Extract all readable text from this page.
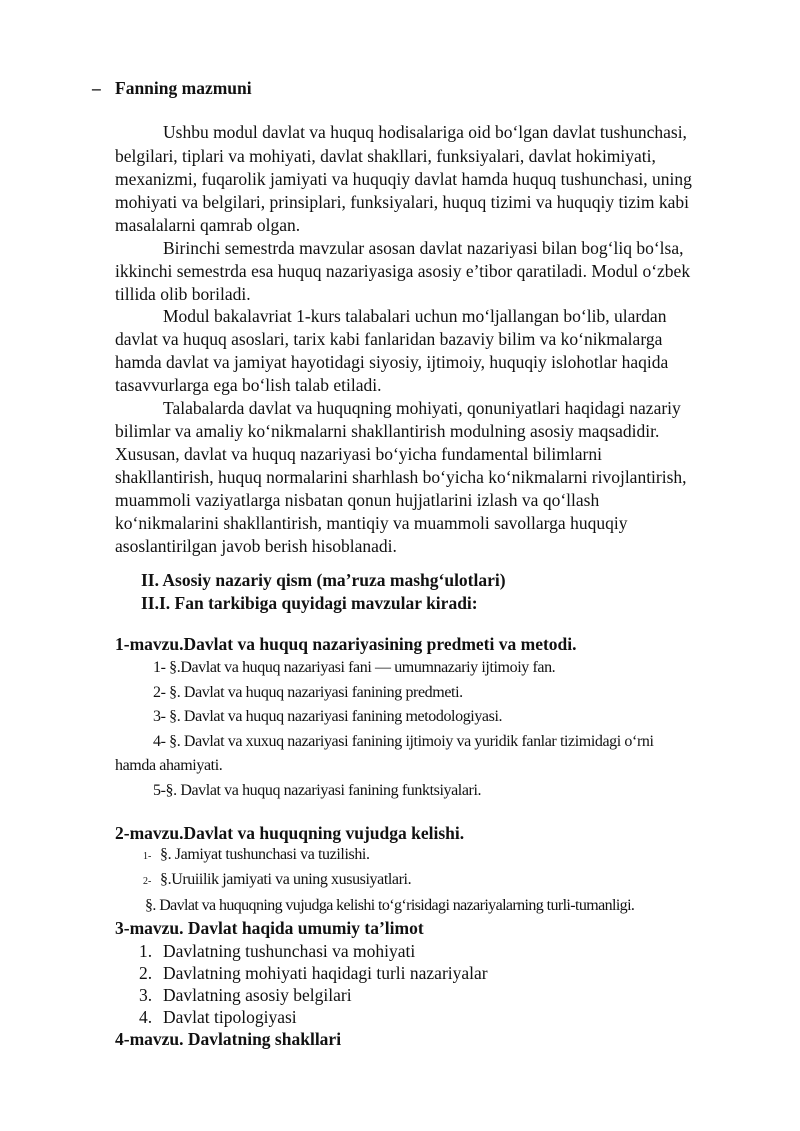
– Fanning mazmuni
Ushbu modul davlat va huquq hodisalariga oid bo‘lgan davlat tushunchasi,
belgilari, tiplari va mohiyati, davlat shakllari, funksiyalari, davlat hokimiyati,
mexanizmi, fuqarolik jamiyati va huquqiy davlat hamda huquq tushunchasi, uning
mohiyati va belgilari, prinsiplari, funksiyalari, huquq tizimi va huquqiy tizim kabi
masalalarni qamrab olgan.
Birinchi semestrda mavzular asosan davlat nazariyasi bilan bog‘liq bo‘lsa,
ikkinchi semestrda esa huquq nazariyasiga asosiy e’tibor qaratiladi. Modul o‘zbek
tillida olib boriladi.
Modul bakalavriat 1-kurs talabalari uchun mo‘ljallangan bo‘lib, ulardan
davlat va huquq asoslari, tarix kabi fanlaridan bazaviy bilim va ko‘nikmalarga
hamda davlat va jamiyat hayotidagi siyosiy, ijtimoiy, huquqiy islohotlar haqida
tasavvurlarga ega bo‘lish talab etiladi.
Talabalarda davlat va huquqning mohiyati, qonuniyatlari haqidagi nazariy
bilimlar va amaliy ko‘nikmalarni shakllantirish modulning asosiy maqsadidir.
Xususan, davlat va huquq nazariyasi bo‘yicha fundamental bilimlarni
shakllantirish, huquq normalarini sharhlash bo‘yicha ko‘nikmalarni rivojlantirish,
muammoli vaziyatlarga nisbatan qonun hujjatlarini izlash va qo‘llash
ko‘nikmalarini shakllantirish, mantiqiy va muammoli savollarga huquqiy
asoslantirilgan javob berish hisoblanadi.
II. Asosiy nazariy qism (ma’ruza mashg‘ulotlari)
II.I. Fan tarkibiga quyidagi mavzular kiradi:
1-mavzu.Davlat va huquq nazariyasining predmeti va metodi.
1- §.Davlat va huquq nazariyasi fani — umumnazariy ijtimoiy fan.
2- §. Davlat va huquq nazariyasi fanining predmeti.
3- §. Davlat va huquq nazariyasi fanining metodologiyasi.
4- §. Davlat va xuxuq nazariyasi fanining ijtimoiy va yuridik fanlar tizimidagi o‘rni
hamda ahamiyati.
5-§. Davlat va huquq nazariyasi fanining funktsiyalari.
2-mavzu.Davlat va huquqning vujudga kelishi.
1- §. Jamiyat tushunchasi va tuzilishi.
2- §.Uruiilik jamiyati va uning xususiyatlari.
§. Davlat va huquqning vujudga kelishi to‘g‘risidagi nazariyalarning turli-tumanligi.
3-mavzu. Davlat haqida umumiy ta’limot
1. Davlatning tushunchasi va mohiyati
2. Davlatning mohiyati haqidagi turli nazariyalar
3. Davlatning asosiy belgilari
4. Davlat tipologiyasi
4-mavzu. Davlatning shakllari
